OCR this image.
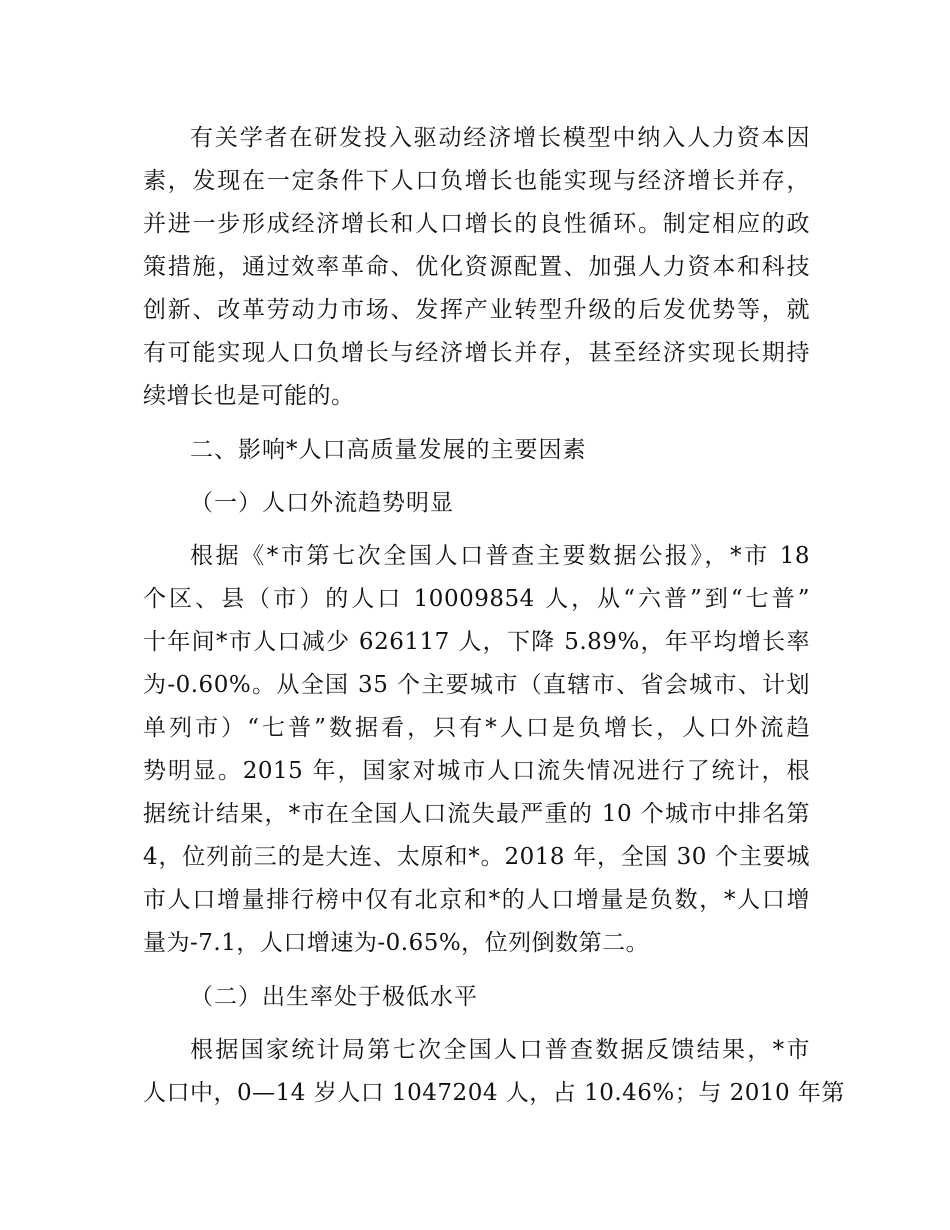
有关学者在研发投入驱动经济增长模型中纳入人力资本因
素，发现在一定条件下人口负增长也能实现与经济增长并存，
并进一步形成经济增长和人口增长的良性循环。制定相应的政
策措施，通过效率革命、优化资源配置、加强人力资本和科技
创新、改革劳动力市场、发挥产业转型升级的后发优势等，就
有可能实现人口负增长与经济增长并存，甚至经济实现长期持
续增长也是可能的。
二、影响*人口高质量发展的主要因素
（一）人口外流趋势明显
根据《*市第七次全国人口普查主要数据公报》，*市 18
个区、县（市）的人口 10009854 人，从“六普”到“七普”
十年间*市人口减少 626117 人，下降 5.89%，年平均增长率
为-0.60%。从全国 35 个主要城市（直辖市、省会城市、计划
单列市）“七普”数据看，只有*人口是负增长，人口外流趋
势明显。2015 年，国家对城市人口流失情况进行了统计，根
据统计结果，*市在全国人口流失最严重的 10 个城市中排名第
4，位列前三的是大连、太原和*。2018 年，全国 30 个主要城
市人口增量排行榜中仅有北京和*的人口增量是负数，*人口增
量为-7.1，人口增速为-0.65%，位列倒数第二。
（二）出生率处于极低水平
根据国家统计局第七次全国人口普查数据反馈结果，*市
人口中，0—14 岁人口 1047204 人，占 10.46%；与 2010 年第
